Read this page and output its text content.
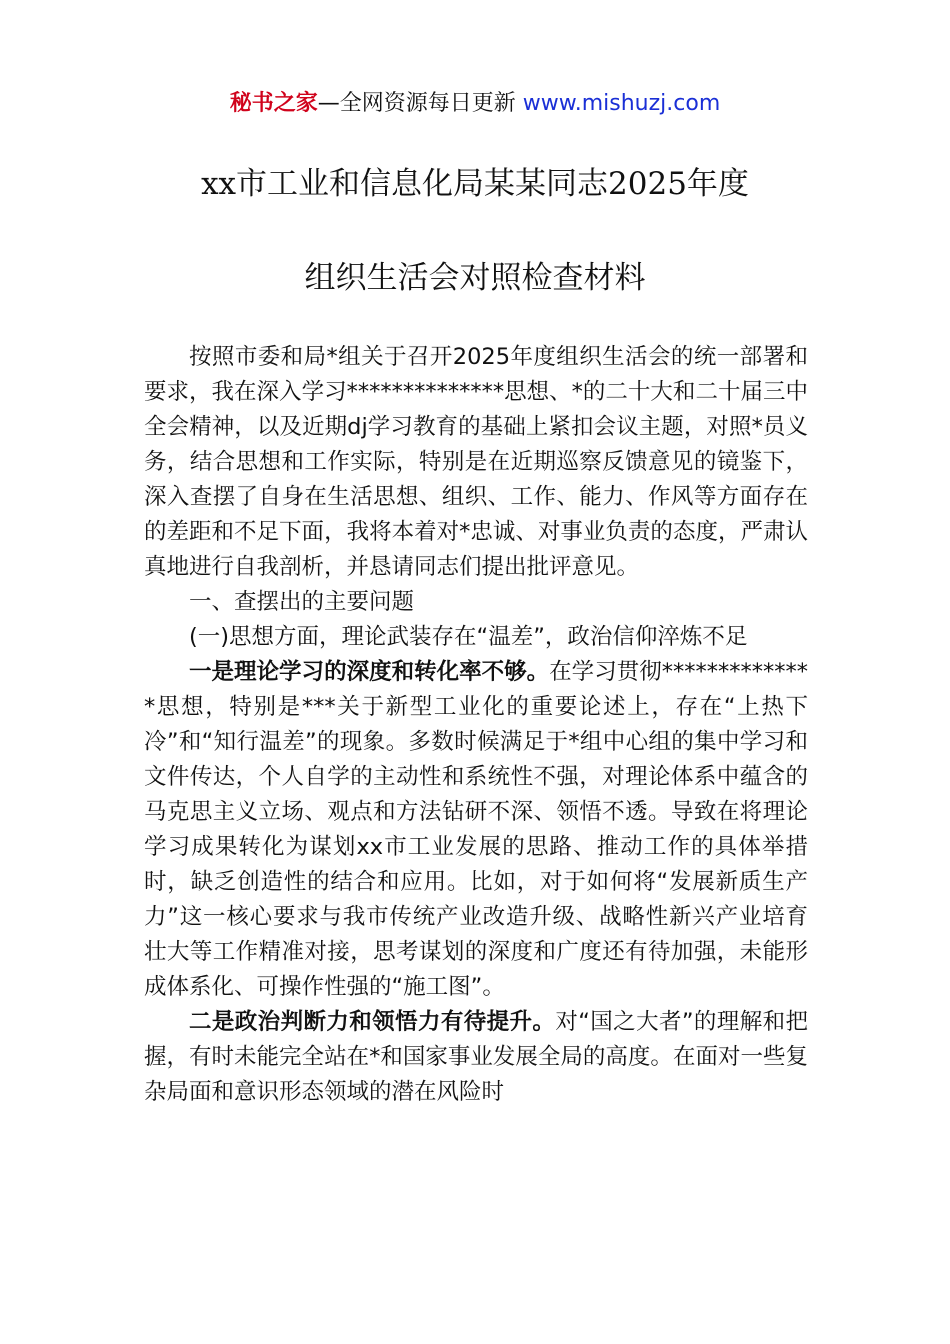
秘书之家—全网资源每日更新 www.mishuzj.com
xx市工业和信息化局某某同志2025年度
组织生活会对照检查材料

按照市委和局*组关于召开2025年度组织生活会的统一部署和要求，我在深入学习**************思想、*的二十大和二十届三中全会精神，以及近期dj学习教育的基础上紧扣会议主题，对照*员义务，结合思想和工作实际，特别是在近期巡察反馈意见的镜鉴下，深入查摆了自身在生活思想、组织、工作、能力、作风等方面存在的差距和不足下面，我将本着对*忠诚、对事业负责的态度，严肃认真地进行自我剖析，并恳请同志们提出批评意见。

一、查摆出的主要问题

(一)思想方面，理论武装存在“温差”，政治信仰淬炼不足

一是理论学习的深度和转化率不够。在学习贯彻**************思想，特别是***关于新型工业化的重要论述上，存在“上热下冷”和“知行温差”的现象。多数时候满足于*组中心组的集中学习和文件传达，个人自学的主动性和系统性不强，对理论体系中蕴含的马克思主义立场、观点和方法钻研不深、领悟不透。导致在将理论学习成果转化为谋划xx市工业发展的思路、推动工作的具体举措时，缺乏创造性的结合和应用。比如，对于如何将“发展新质生产力”这一核心要求与我市传统产业改造升级、战略性新兴产业培育壮大等工作精准对接，思考谋划的深度和广度还有待加强，未能形成体系化、可操作性强的“施工图”。

二是政治判断力和领悟力有待提升。对“国之大者”的理解和把握，有时未能完全站在*和国家事业发展全局的高度。在面对一些复杂局面和意识形态领域的潜在风险时
